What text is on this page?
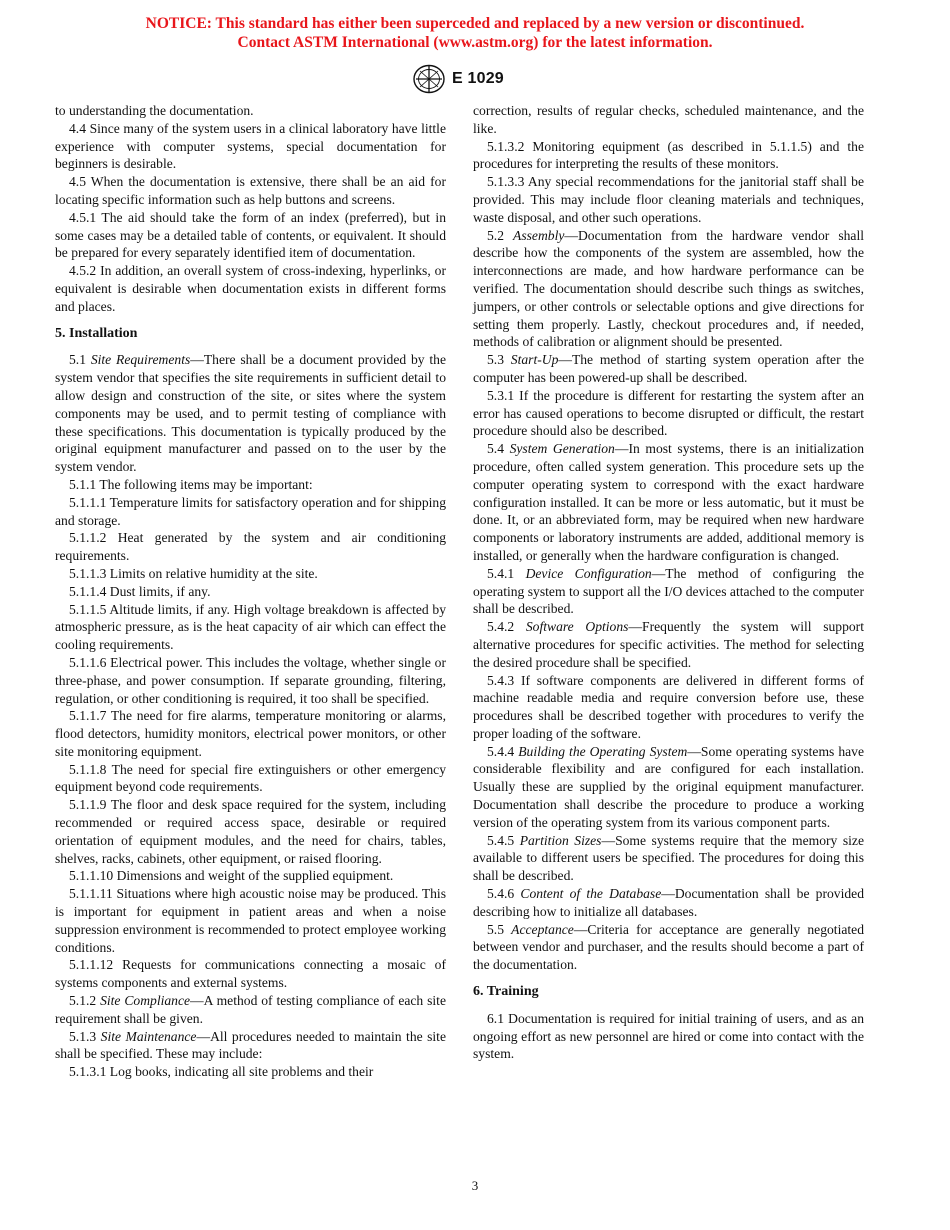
NOTICE: This standard has either been superceded and replaced by a new version or discontinued.
Contact ASTM International (www.astm.org) for the latest information.
E 1029
to understanding the documentation.
4.4 Since many of the system users in a clinical laboratory have little experience with computer systems, special documentation for beginners is desirable.
4.5 When the documentation is extensive, there shall be an aid for locating specific information such as help buttons and screens.
4.5.1 The aid should take the form of an index (preferred), but in some cases may be a detailed table of contents, or equivalent. It should be prepared for every separately identified item of documentation.
4.5.2 In addition, an overall system of cross-indexing, hyperlinks, or equivalent is desirable when documentation exists in different forms and places.
5. Installation
5.1 Site Requirements—There shall be a document provided by the system vendor that specifies the site requirements in sufficient detail to allow design and construction of the site, or sites where the system components may be used, and to permit testing of compliance with these specifications. This documentation is typically produced by the original equipment manufacturer and passed on to the user by the system vendor.
5.1.1 The following items may be important:
5.1.1.1 Temperature limits for satisfactory operation and for shipping and storage.
5.1.1.2 Heat generated by the system and air conditioning requirements.
5.1.1.3 Limits on relative humidity at the site.
5.1.1.4 Dust limits, if any.
5.1.1.5 Altitude limits, if any. High voltage breakdown is affected by atmospheric pressure, as is the heat capacity of air which can effect the cooling requirements.
5.1.1.6 Electrical power. This includes the voltage, whether single or three-phase, and power consumption. If separate grounding, filtering, regulation, or other conditioning is required, it too shall be specified.
5.1.1.7 The need for fire alarms, temperature monitoring or alarms, flood detectors, humidity monitors, electrical power monitors, or other site monitoring equipment.
5.1.1.8 The need for special fire extinguishers or other emergency equipment beyond code requirements.
5.1.1.9 The floor and desk space required for the system, including recommended or required access space, desirable or required orientation of equipment modules, and the need for chairs, tables, shelves, racks, cabinets, other equipment, or raised flooring.
5.1.1.10 Dimensions and weight of the supplied equipment.
5.1.1.11 Situations where high acoustic noise may be produced. This is important for equipment in patient areas and when a noise suppression environment is recommended to protect employee working conditions.
5.1.1.12 Requests for communications connecting a mosaic of systems components and external systems.
5.1.2 Site Compliance—A method of testing compliance of each site requirement shall be given.
5.1.3 Site Maintenance—All procedures needed to maintain the site shall be specified. These may include:
5.1.3.1 Log books, indicating all site problems and their
correction, results of regular checks, scheduled maintenance, and the like.
5.1.3.2 Monitoring equipment (as described in 5.1.1.5) and the procedures for interpreting the results of these monitors.
5.1.3.3 Any special recommendations for the janitorial staff shall be provided. This may include floor cleaning materials and techniques, waste disposal, and other such operations.
5.2 Assembly—Documentation from the hardware vendor shall describe how the components of the system are assembled, how the interconnections are made, and how hardware performance can be verified. The documentation should describe such things as switches, jumpers, or other controls or selectable options and give directions for setting them properly. Lastly, checkout procedures and, if needed, methods of calibration or alignment should be presented.
5.3 Start-Up—The method of starting system operation after the computer has been powered-up shall be described.
5.3.1 If the procedure is different for restarting the system after an error has caused operations to become disrupted or difficult, the restart procedure should also be described.
5.4 System Generation—In most systems, there is an initialization procedure, often called system generation. This procedure sets up the computer operating system to correspond with the exact hardware configuration installed. It can be more or less automatic, but it must be done. It, or an abbreviated form, may be required when new hardware components or laboratory instruments are added, additional memory is installed, or generally when the hardware configuration is changed.
5.4.1 Device Configuration—The method of configuring the operating system to support all the I/O devices attached to the computer shall be described.
5.4.2 Software Options—Frequently the system will support alternative procedures for specific activities. The method for selecting the desired procedure shall be specified.
5.4.3 If software components are delivered in different forms of machine readable media and require conversion before use, these procedures shall be described together with procedures to verify the proper loading of the software.
5.4.4 Building the Operating System—Some operating systems have considerable flexibility and are configured for each installation. Usually these are supplied by the original equipment manufacturer. Documentation shall describe the procedure to produce a working version of the operating system from its various component parts.
5.4.5 Partition Sizes—Some systems require that the memory size available to different users be specified. The procedures for doing this shall be described.
5.4.6 Content of the Database—Documentation shall be provided describing how to initialize all databases.
5.5 Acceptance—Criteria for acceptance are generally negotiated between vendor and purchaser, and the results should become a part of the documentation.
6. Training
6.1 Documentation is required for initial training of users, and as an ongoing effort as new personnel are hired or come into contact with the system.
3
